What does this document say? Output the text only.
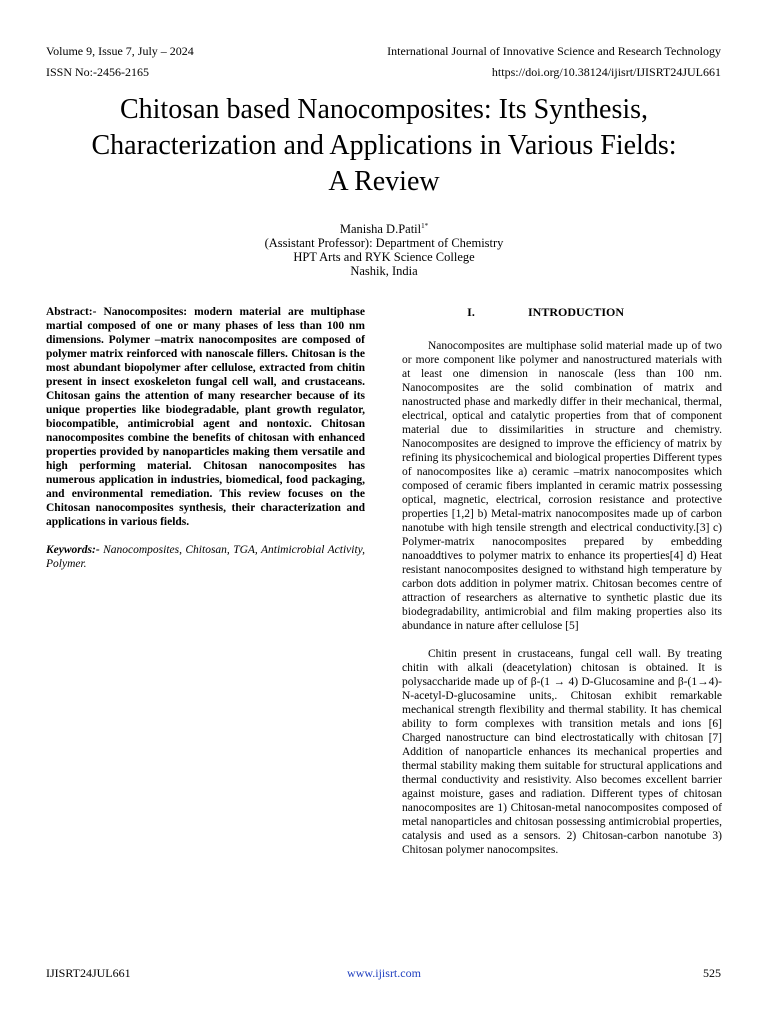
Volume 9, Issue 7, July – 2024
ISSN No:-2456-2165
International Journal of Innovative Science and Research Technology
https://doi.org/10.38124/ijisrt/IJISRT24JUL661
Chitosan based Nanocomposites: Its Synthesis,
Characterization and Applications in Various Fields:
A Review
Manisha D.Patil$^{1*}$
(Assistant Professor): Department of Chemistry
HPT Arts and RYK Science College
Nashik, India

Abstract:- Nanocomposites: modern material are multiphase martial composed of one or many phases of less than 100 nm dimensions. Polymer –matrix nanocomposites are composed of polymer matrix reinforced with nanoscale fillers. Chitosan is the most abundant biopolymer after cellulose, extracted from chitin present in insect exoskeleton fungal cell wall, and crustaceans. Chitosan gains the attention of many researcher because of its unique properties like biodegradable, plant growth regulator, biocompatible, antimicrobial agent and nontoxic. Chitosan nanocomposites combine the benefits of chitosan with enhanced properties provided by nanoparticles making them versatile and high performing material. Chitosan nanocomposites has numerous application in industries, biomedical, food packaging, and environmental remediation. This review focuses on the Chitosan nanocomposites synthesis, their characterization and applications in various fields.

Keywords:- Nanocomposites, Chitosan, TGA, Antimicrobial Activity, Polymer.

I.	INTRODUCTION

Nanocomposites are multiphase solid material made up of two or more component like polymer and nanostructured materials with at least one dimension in nanoscale (less than 100 nm. Nanocomposites are the solid combination of matrix and nanostructed phase and markedly differ in their mechanical, thermal, electrical, optical and catalytic properties from that of component material due to dissimilarities in structure and chemistry. Nanocomposites are designed to improve the efficiency of matrix by refining its physicochemical and biological properties Different types of nanocomposites like a) ceramic –matrix nanocomposites which composed of ceramic fibers implanted in ceramic matrix possessing optical, magnetic, electrical, corrosion resistance and protective properties [1,2] b) Metal-matrix nanocomposites made up of carbon nanotube with high tensile strength and electrical conductivity.[3] c) Polymer-matrix nanocomposites prepared by embedding nanoaddtives to polymer matrix to enhance its properties[4] d) Heat resistant nanocomposites designed to withstand high temperature by carbon dots addition in polymer matrix. Chitosan becomes centre of attraction of researchers as alternative to synthetic plastic due its biodegradability, antimicrobial and film making properties also its abundance in nature after cellulose [5]

Chitin present in crustaceans, fungal cell wall. By treating chitin with alkali (deacetylation) chitosan is obtained. It is polysaccharide made up of β-(1 → 4) D-Glucosamine and β-(1→4)-N-acetyl-D-glucosamine units,. Chitosan exhibit remarkable mechanical strength flexibility and thermal stability. It has chemical ability to form complexes with transition metals and ions [6] Charged nanostructure can bind electrostatically with chitosan [7] Addition of nanoparticle enhances its mechanical properties and thermal stability making them suitable for structural applications and thermal conductivity and resistivity. Also becomes excellent barrier against moisture, gases and radiation. Different types of chitosan nanocomposites are 1) Chitosan-metal nanocomposites composed of metal nanoparticles and chitosan possessing antimicrobial properties, catalysis and used as a sensors. 2) Chitosan-carbon nanotube 3) Chitosan polymer nanocompsites.

IJISRT24JUL661	www.ijisrt.com	525
